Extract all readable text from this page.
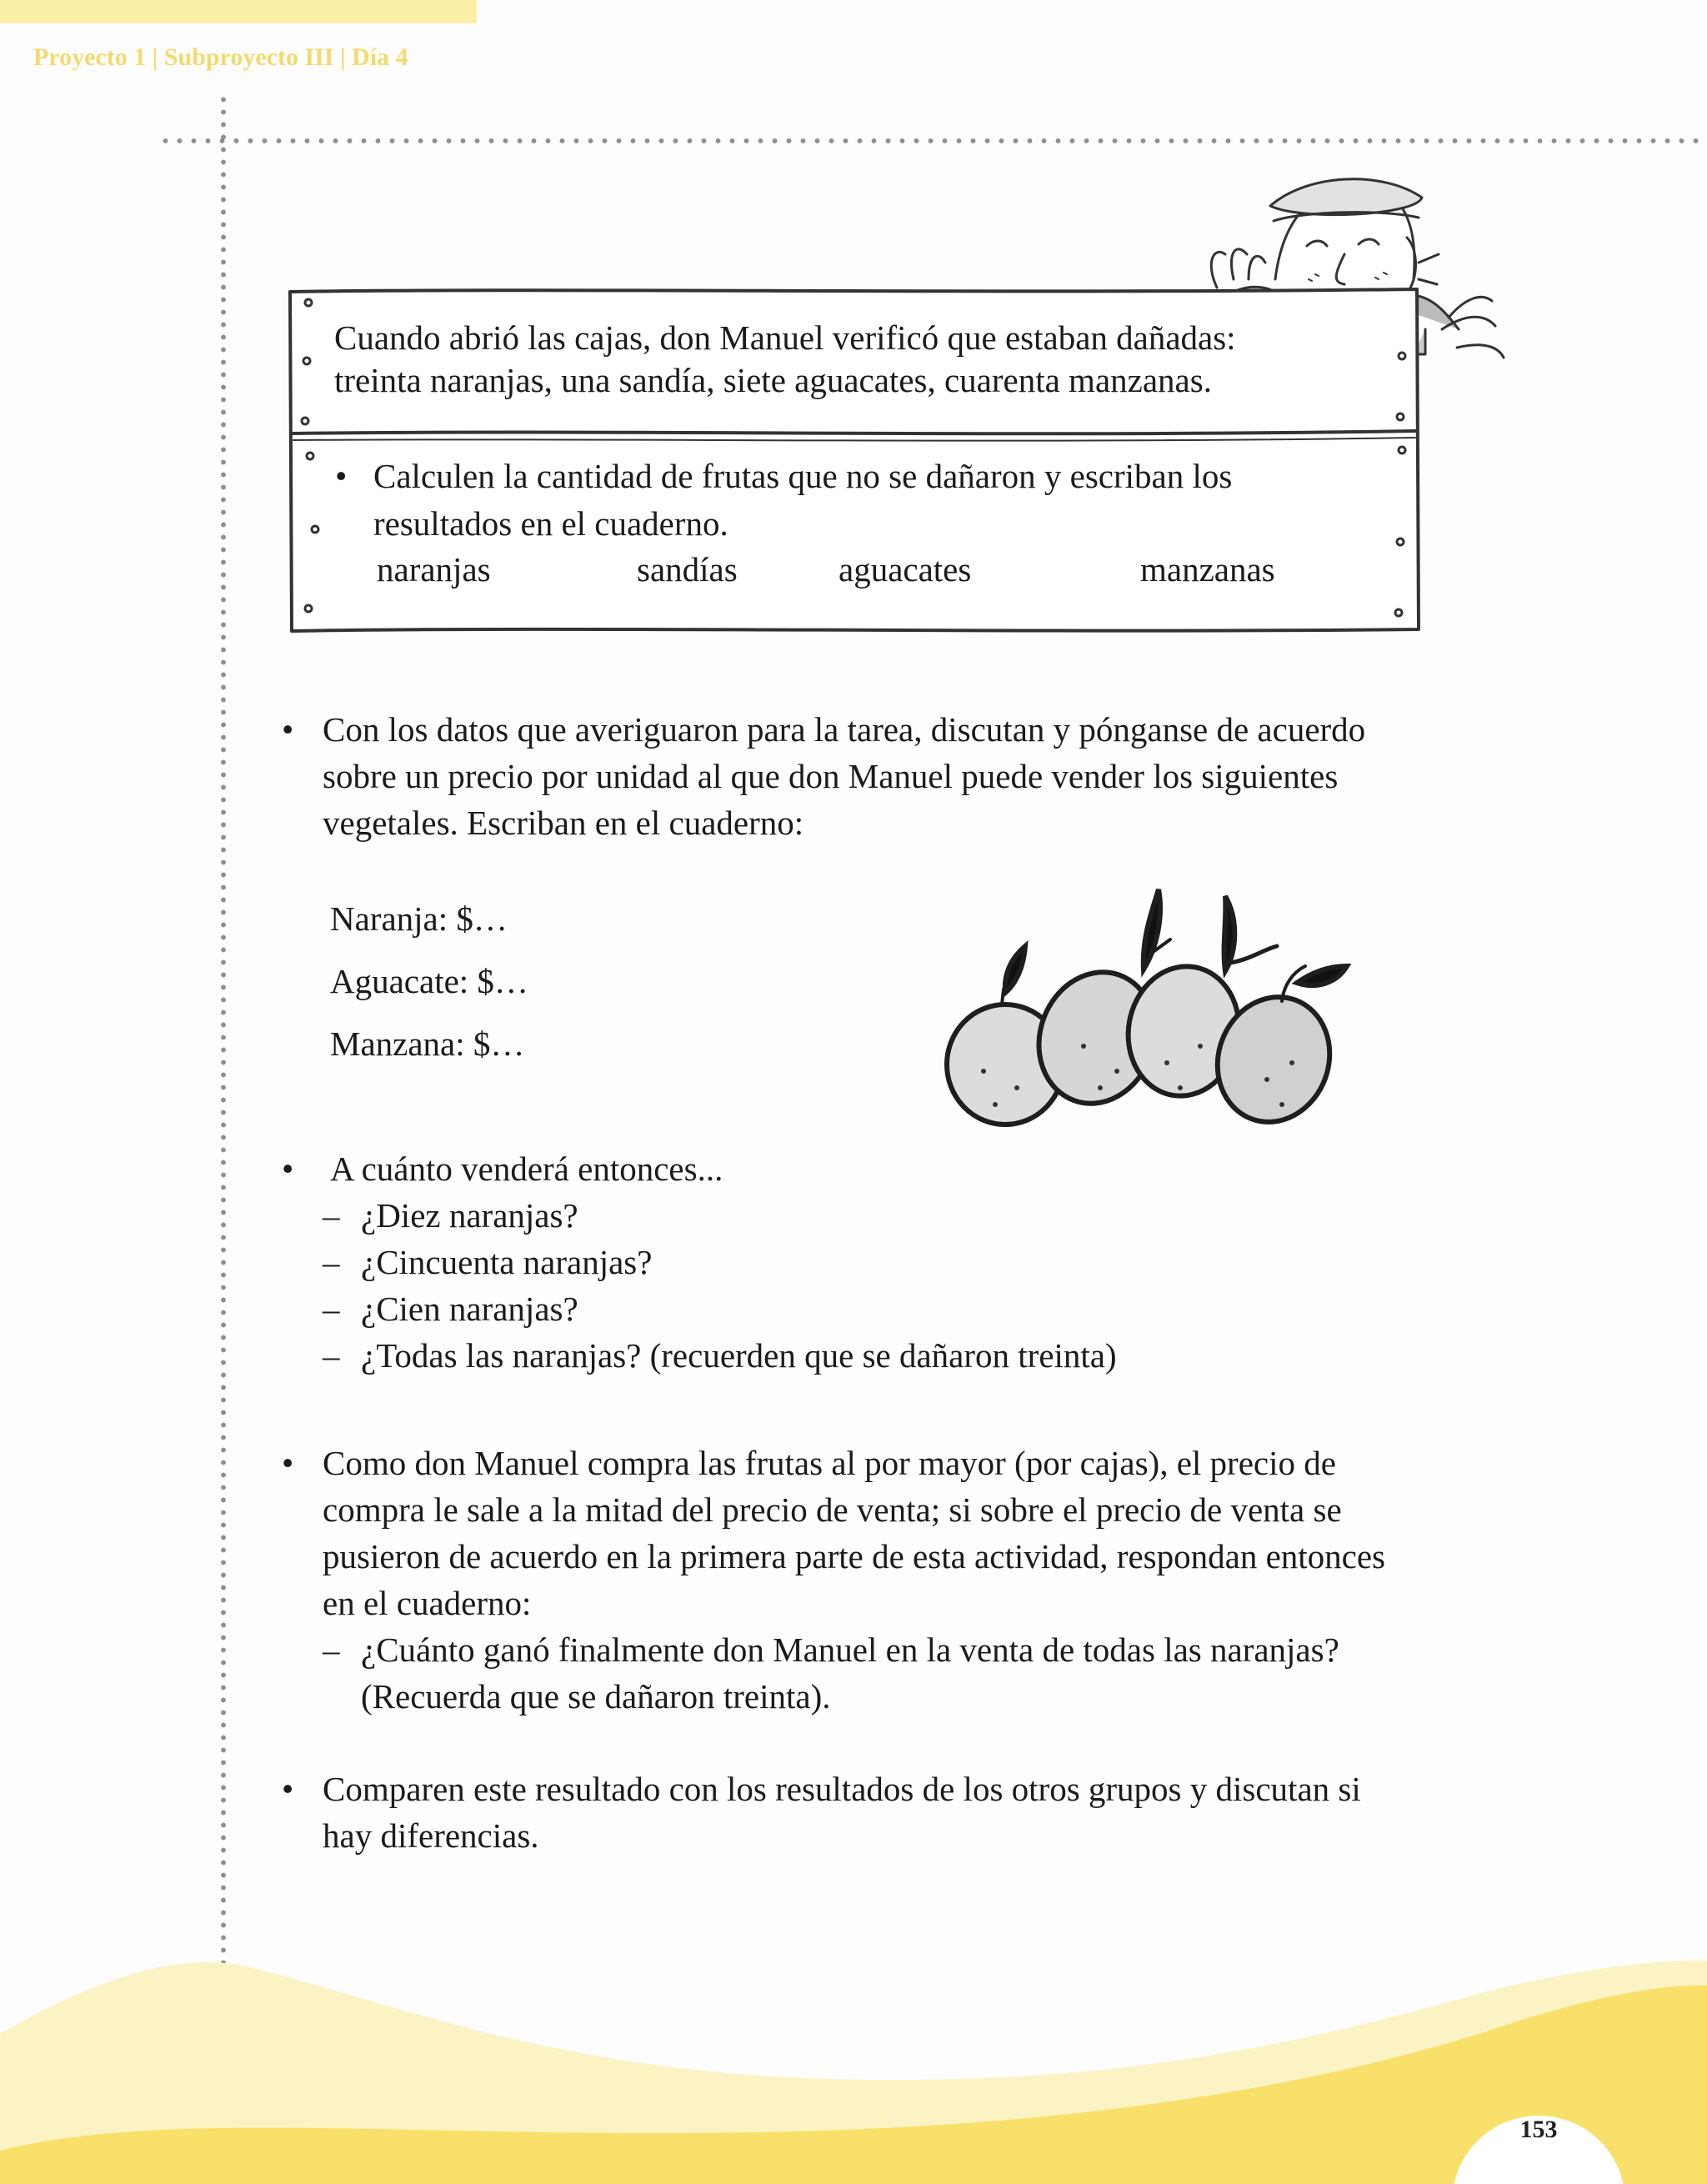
Proyecto 1 | Subproyecto III | Día 4
153
Cuando abrió las cajas, don Manuel verificó que estaban dañadas:
treinta naranjas, una sandía, siete aguacates, cuarenta manzanas.
• Calculen la cantidad de frutas que no se dañaron y escriban los
resultados en el cuaderno.
naranjas	sandías	aguacates	manzanas
• Con los datos que averiguaron para la tarea, discutan y pónganse de acuerdo
sobre un precio por unidad al que don Manuel puede vender los siguientes
vegetales. Escriban en el cuaderno:
Naranja: $…
Aguacate: $…
Manzana: $…
• A cuánto venderá entonces...
– ¿Diez naranjas?
– ¿Cincuenta naranjas?
– ¿Cien naranjas?
– ¿Todas las naranjas? (recuerden que se dañaron treinta)
• Como don Manuel compra las frutas al por mayor (por cajas), el precio de
compra le sale a la mitad del precio de venta; si sobre el precio de venta se
pusieron de acuerdo en la primera parte de esta actividad, respondan entonces
en el cuaderno:
– ¿Cuánto ganó finalmente don Manuel en la venta de todas las naranjas?
(Recuerda que se dañaron treinta).
• Comparen este resultado con los resultados de los otros grupos y discutan si
hay diferencias.
